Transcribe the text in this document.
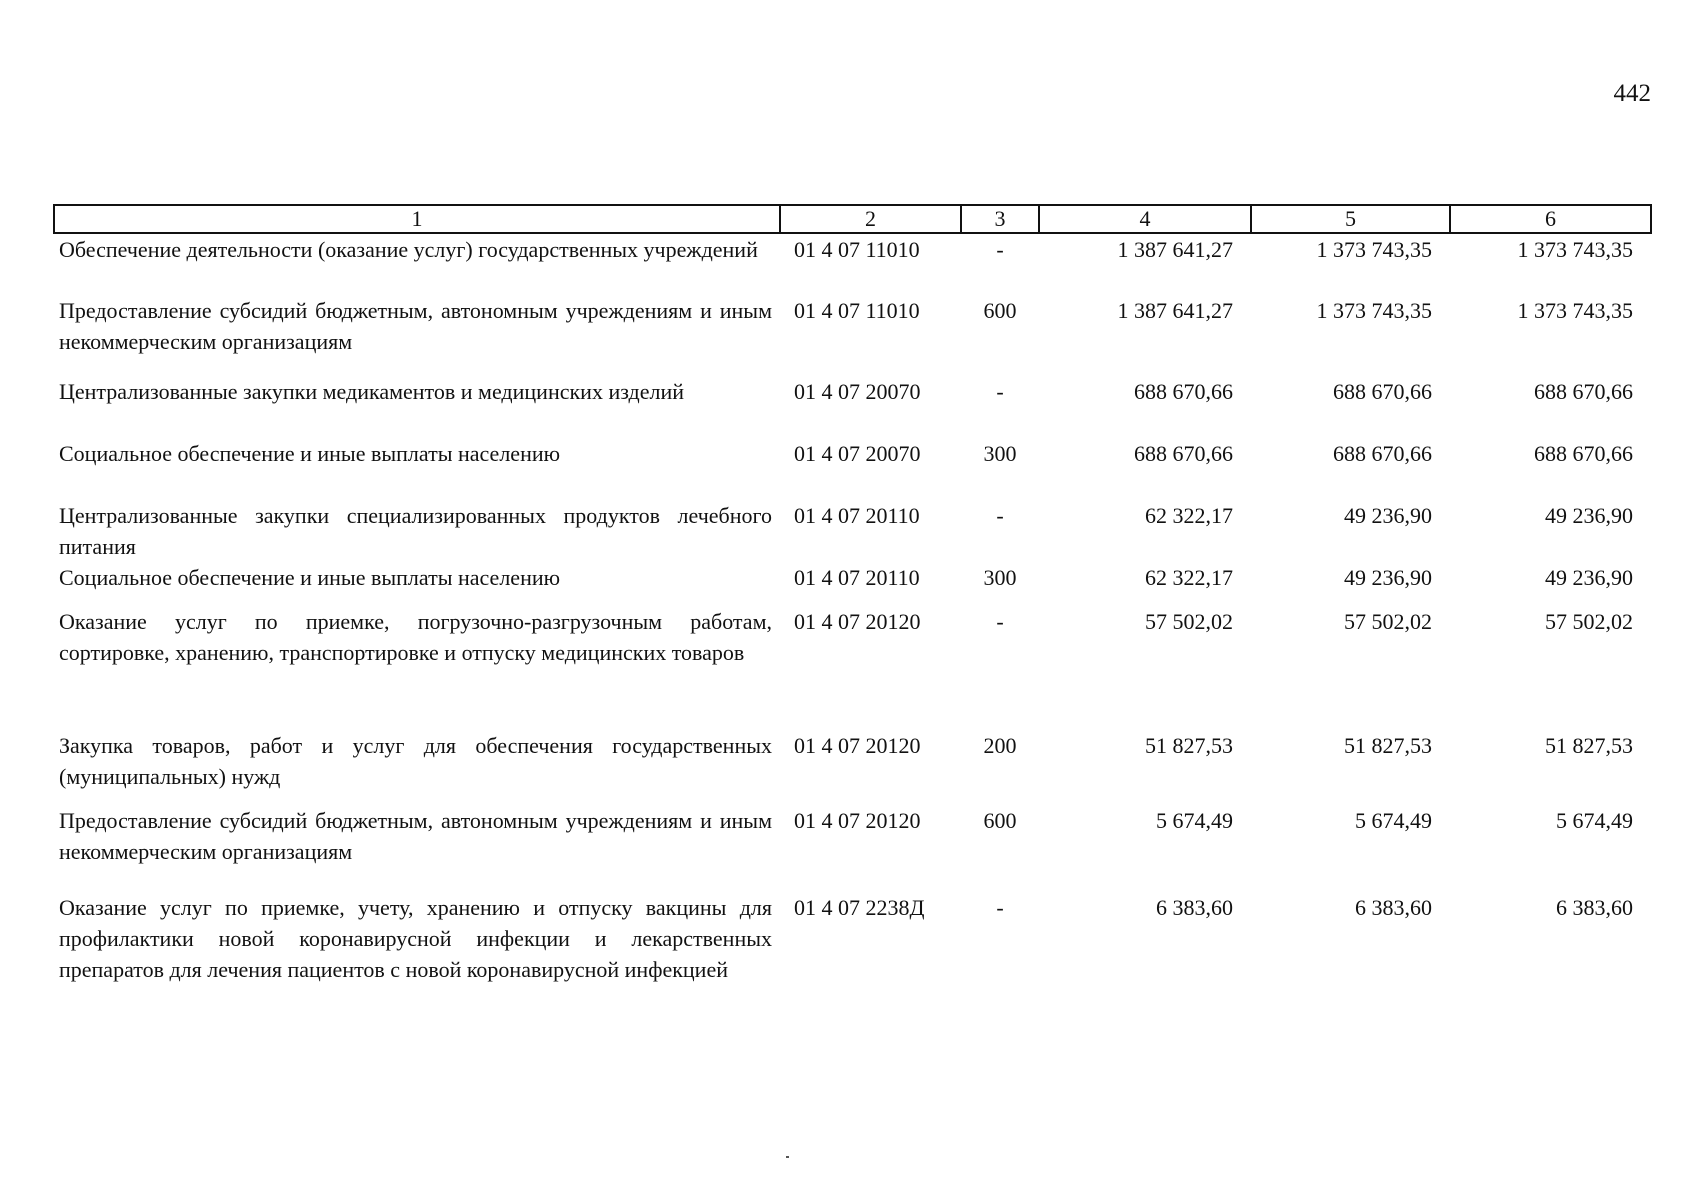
442
1	2	3	4	5	6
Обеспечение деятельности (оказание услуг) государственных учреждений	01 4 07 11010	-	1 387 641,27	1 373 743,35	1 373 743,35
Предоставление субсидий бюджетным, автономным учреждениям и иным некоммерческим организациям	01 4 07 11010	600	1 387 641,27	1 373 743,35	1 373 743,35
Централизованные закупки медикаментов и медицинских изделий	01 4 07 20070	-	688 670,66	688 670,66	688 670,66
Социальное обеспечение и иные выплаты населению	01 4 07 20070	300	688 670,66	688 670,66	688 670,66
Централизованные закупки специализированных продуктов лечебного питания	01 4 07 20110	-	62 322,17	49 236,90	49 236,90
Социальное обеспечение и иные выплаты населению	01 4 07 20110	300	62 322,17	49 236,90	49 236,90
Оказание услуг по приемке, погрузочно-разгрузочным работам, сортировке, хранению, транспортировке и отпуску медицинских товаров	01 4 07 20120	-	57 502,02	57 502,02	57 502,02
Закупка товаров, работ и услуг для обеспечения государственных (муниципальных) нужд	01 4 07 20120	200	51 827,53	51 827,53	51 827,53
Предоставление субсидий бюджетным, автономным учреждениям и иным некоммерческим организациям	01 4 07 20120	600	5 674,49	5 674,49	5 674,49
Оказание услуг по приемке, учету, хранению и отпуску вакцины для профилактики новой коронавирусной инфекции и лекарственных препаратов для лечения пациентов с новой коронавирусной инфекцией	01 4 07 2238Д	-	6 383,60	6 383,60	6 383,60
